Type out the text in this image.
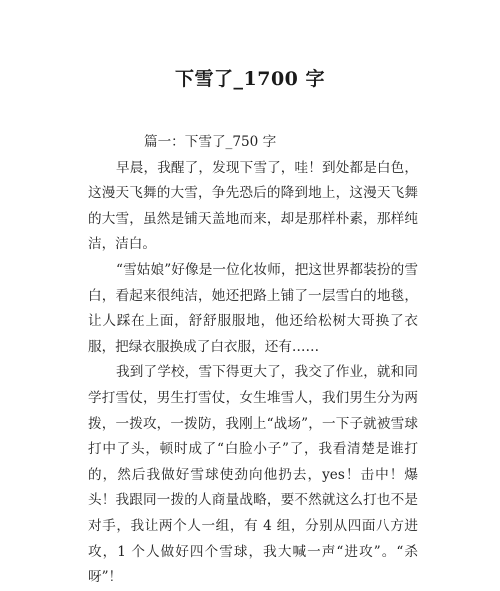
下雪了_1700 字

篇一：下雪了_750 字

早晨，我醒了，发现下雪了，哇！到处都是白色，这漫天飞舞的大雪，争先恐后的降到地上，这漫天飞舞的大雪，虽然是铺天盖地而来，却是那样朴素，那样纯洁，洁白。

“雪姑娘”好像是一位化妆师，把这世界都装扮的雪白，看起来很纯洁，她还把路上铺了一层雪白的地毯，让人踩在上面，舒舒服服地，他还给松树大哥换了衣服，把绿衣服换成了白衣服，还有……

我到了学校，雪下得更大了，我交了作业，就和同学打雪仗，男生打雪仗，女生堆雪人，我们男生分为两拨，一拨攻，一拨防，我刚上“战场”，一下子就被雪球打中了头，顿时成了“白脸小子”了，我看清楚是谁打的，然后我做好雪球使劲向他扔去，yes！击中！爆头！我跟同一拨的人商量战略，要不然就这么打也不是对手，我让两个人一组，有 4 组，分别从四面八方进攻，1 个人做好四个雪球，我大喊一声“进攻”。“杀呀”！
